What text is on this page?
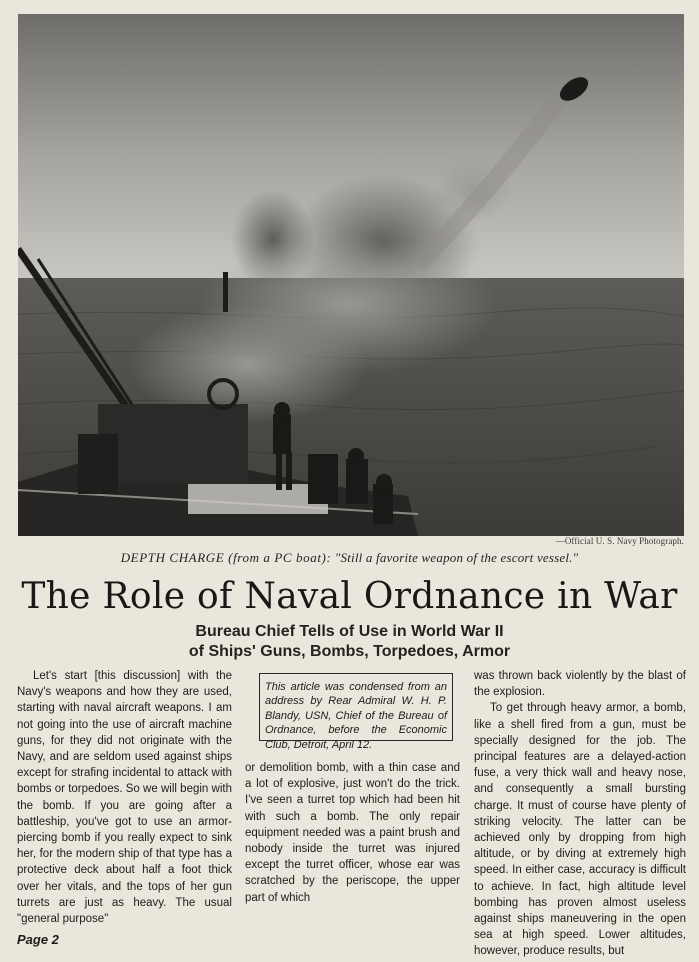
—Official U. S. Navy Photograph.
DEPTH CHARGE (from a PC boat): "Still a favorite weapon of the escort vessel."
The Role of Naval Ordnance in War
Bureau Chief Tells of Use in World War II
of Ships' Guns, Bombs, Torpedoes, Armor

Let's start [this discussion] with the Navy's weapons and how they are used, starting with naval aircraft weapons. I am not going into the use of aircraft machine guns, for they did not originate with the Navy, and are seldom used against ships except for strafing incidental to attack with bombs or torpedoes. So we will begin with the bomb. If you are going after a battleship, you've got to use an armor-piercing bomb if you really expect to sink her, for the modern ship of that type has a protective deck about half a foot thick over her vitals, and the tops of her gun turrets are just as heavy. The usual "general purpose"

This article was condensed from an address by Rear Admiral W. H. P. Blandy, USN, Chief of the Bureau of Ordnance, before the Economic Club, Detroit, April 12.

or demolition bomb, with a thin case and a lot of explosive, just won't do the trick. I've seen a turret top which had been hit with such a bomb. The only repair equipment needed was a paint brush and nobody inside the turret was injured except the turret officer, whose ear was scratched by the periscope, the upper part of which

was thrown back violently by the blast of the explosion.

To get through heavy armor, a bomb, like a shell fired from a gun, must be specially designed for the job. The principal features are a delayed-action fuse, a very thick wall and heavy nose, and consequently a small bursting charge. It must of course have plenty of striking velocity. The latter can be achieved only by dropping from high altitude, or by diving at extremely high speed. In either case, accuracy is difficult to achieve. In fact, high altitude level bombing has proven almost useless against ships maneuvering in the open sea at high speed. Lower altitudes, however, produce results, but

Page 2
